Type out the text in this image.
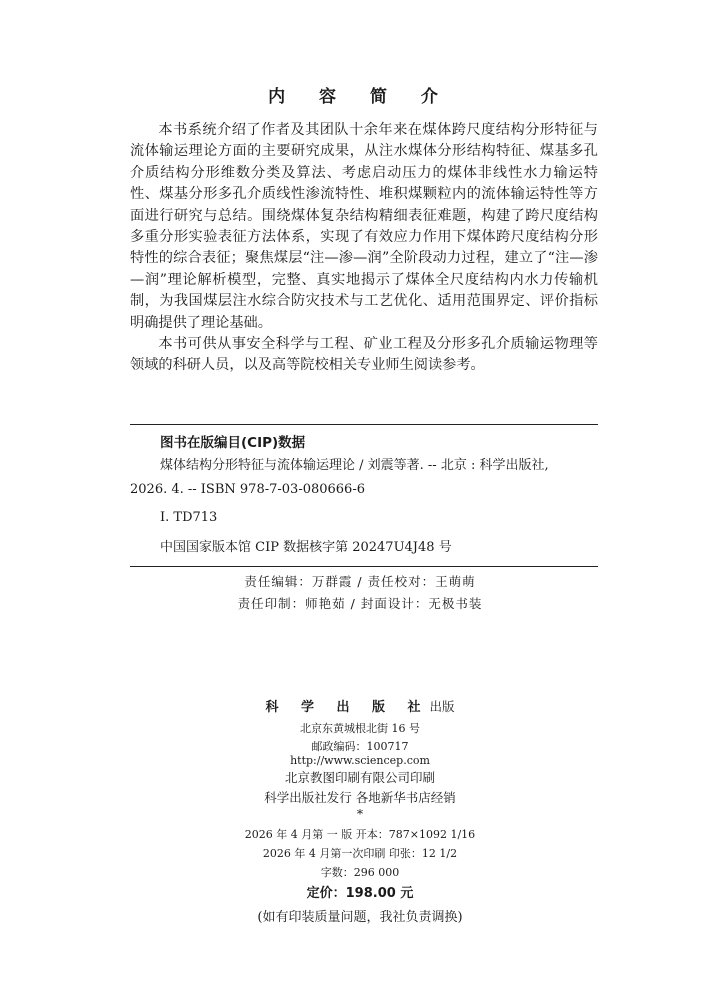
内 容 简 介

本书系统介绍了作者及其团队十余年来在煤体跨尺度结构分形特征与流体输运理论方面的主要研究成果，从注水煤体分形结构特征、煤基多孔介质结构分形维数分类及算法、考虑启动压力的煤体非线性水力输运特性、煤基分形多孔介质线性渗流特性、堆积煤颗粒内的流体输运特性等方面进行研究与总结。围绕煤体复杂结构精细表征难题，构建了跨尺度结构多重分形实验表征方法体系，实现了有效应力作用下煤体跨尺度结构分形特性的综合表征；聚焦煤层“注—渗—润”全阶段动力过程，建立了“注—渗—润”理论解析模型，完整、真实地揭示了煤体全尺度结构内水力传输机制，为我国煤层注水综合防灾技术与工艺优化、适用范围界定、评价指标明确提供了理论基础。

本书可供从事安全科学与工程、矿业工程及分形多孔介质输运物理等领域的科研人员，以及高等院校相关专业师生阅读参考。

图书在版编目(CIP)数据
煤体结构分形特征与流体输运理论 / 刘震等著. -- 北京 : 科学出版社,
2026. 4. -- ISBN 978-7-03-080666-6
Ⅰ. TD713
中国国家版本馆 CIP 数据核字第 20247U4J48 号
责任编辑：万群霞 / 责任校对：王萌萌
责任印制：师艳茹 / 封面设计：无极书装
科 学 出 版 社出版
北京东黄城根北街 16 号
邮政编码：100717
http://www.sciencep.com
北京教图印刷有限公司印刷
科学出版社发行 各地新华书店经销
*
2026 年 4 月第 一 版 开本：787×1092 1/16
2026 年 4 月第一次印刷 印张：12 1/2
字数：296 000
定价：198.00 元
(如有印装质量问题，我社负责调换)
